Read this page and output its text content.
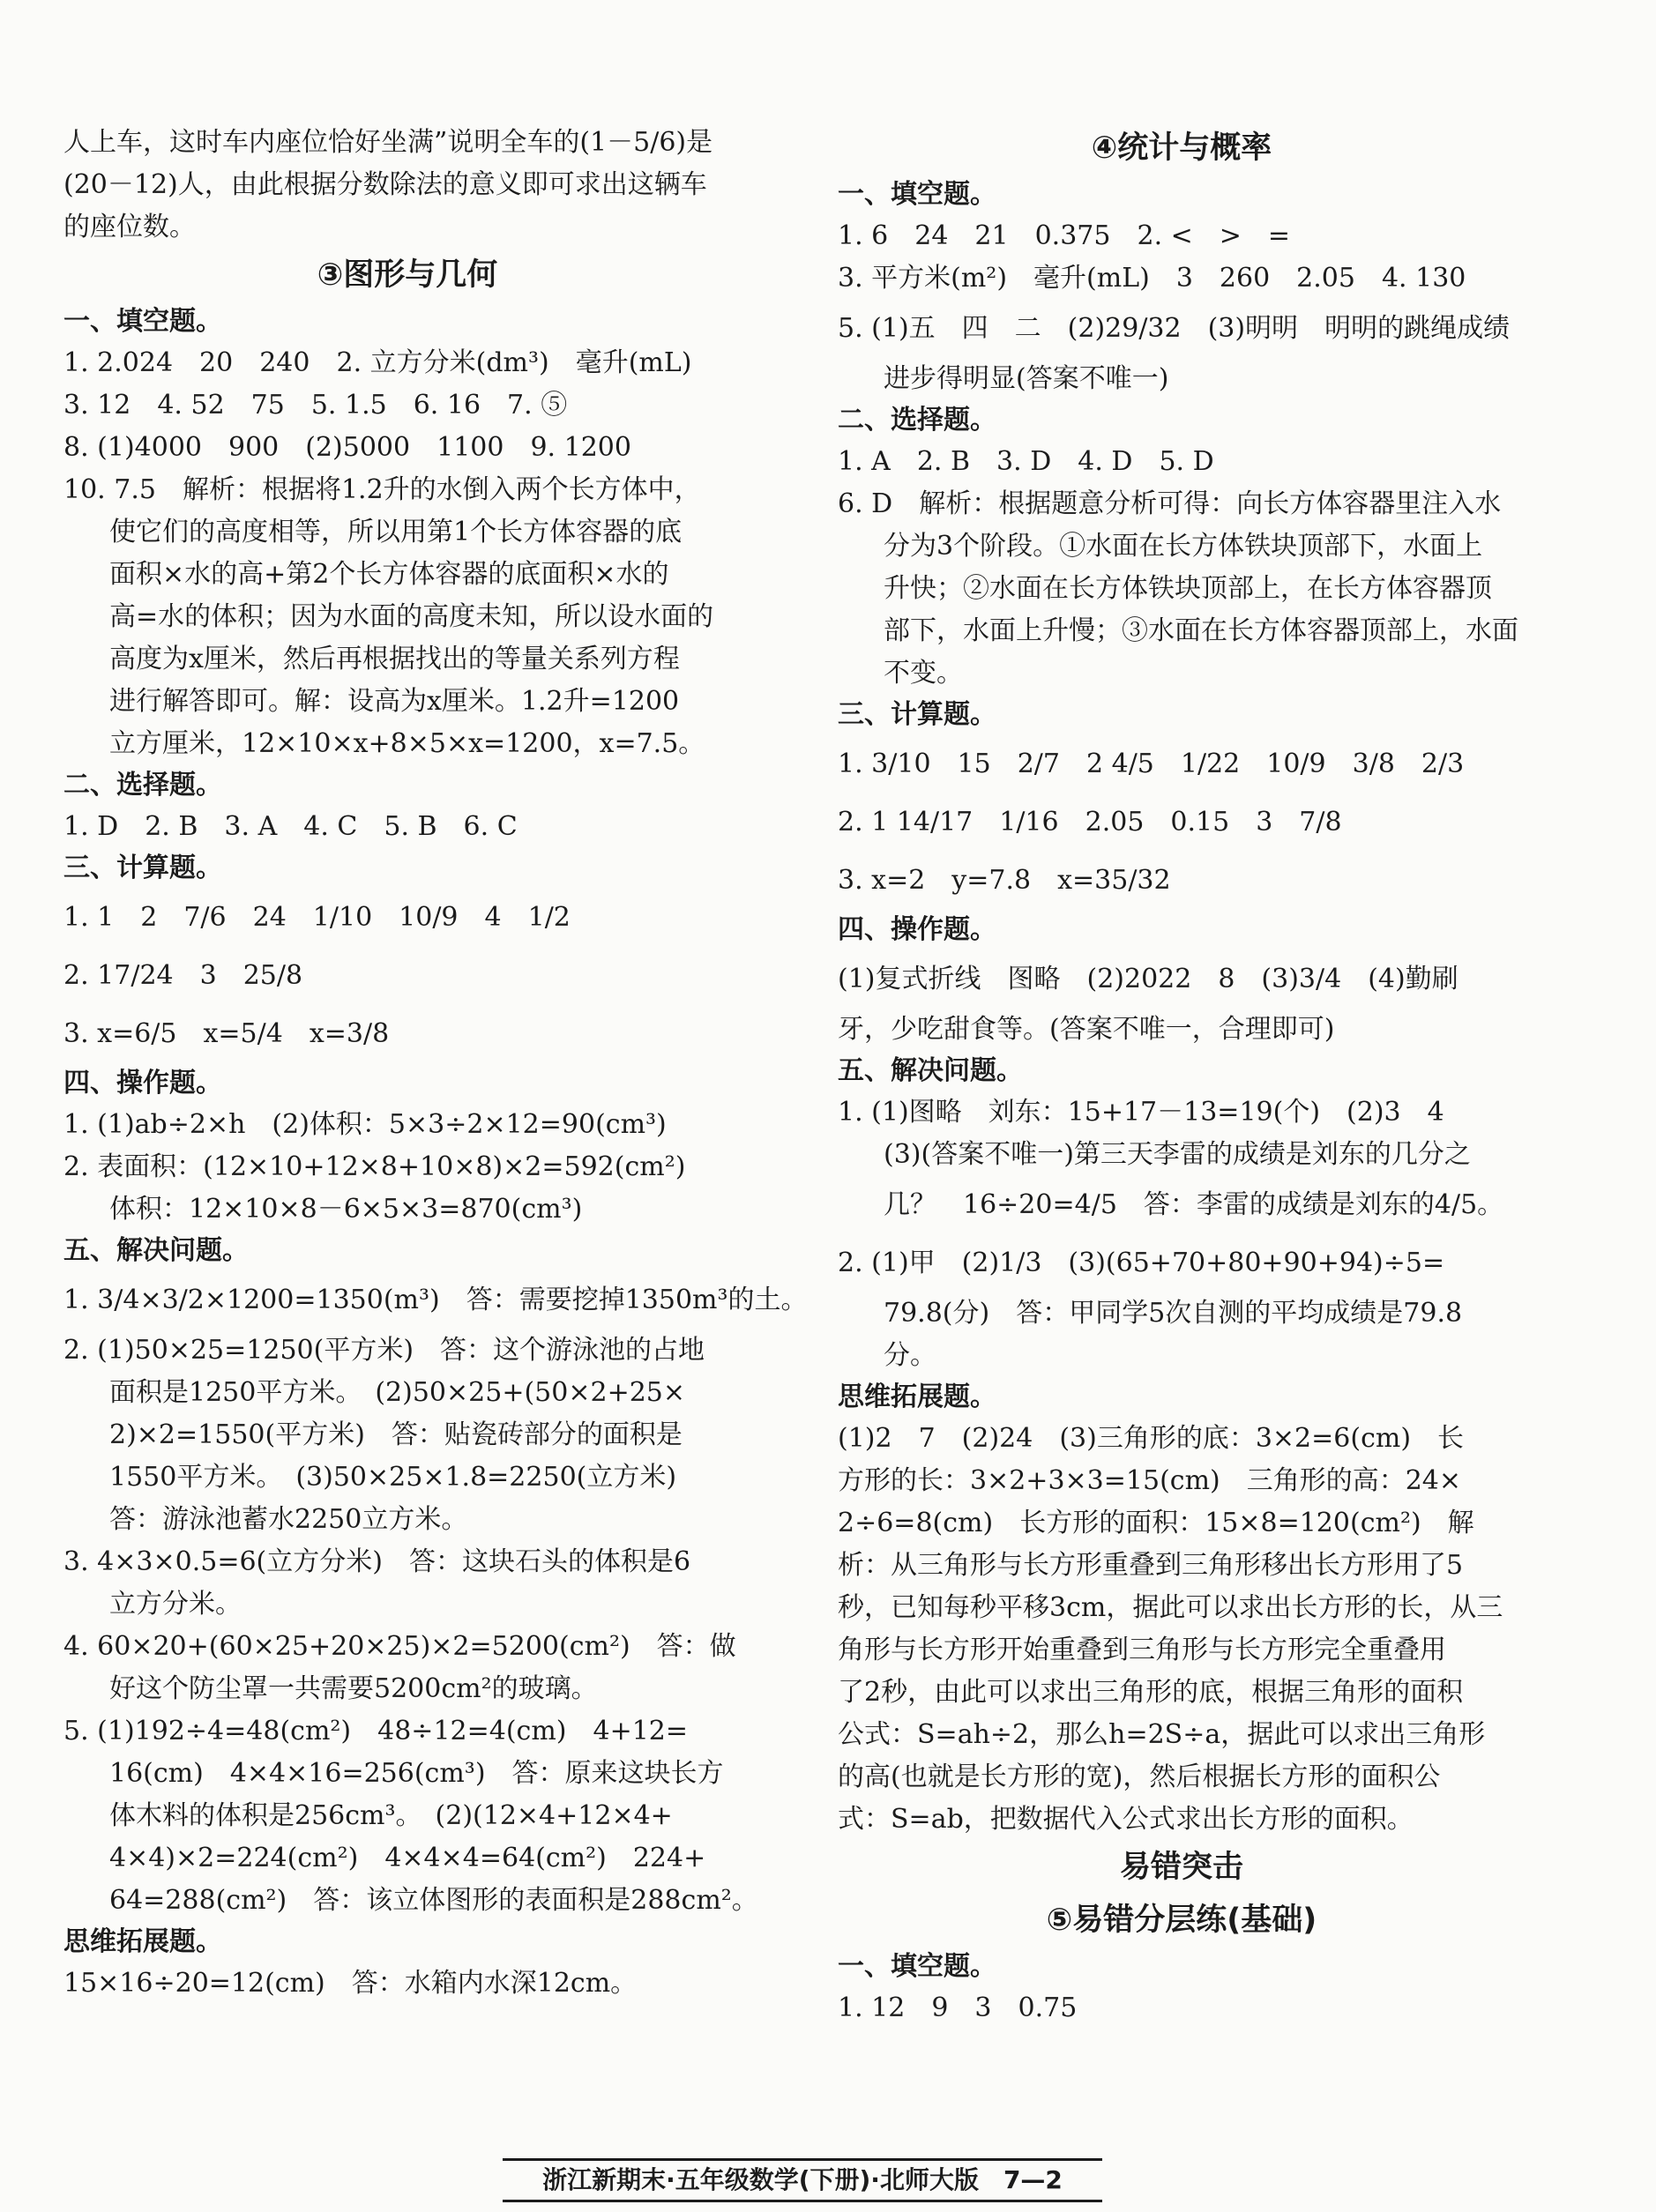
人上车，这时车内座位恰好坐满”说明全车的(1－5/6)是
(20－12)人，由此根据分数除法的意义即可求出这辆车
的座位数。
③图形与几何
一、填空题。
1. 2.024　20　240　2. 立方分米(dm³)　毫升(mL)
3. 12　4. 52　75　5. 1.5　6. 16　7. ⑤
8. (1)4000　900　(2)5000　1100　9. 1200
10. 7.5　解析：根据将1.2升的水倒入两个长方体中，
使它们的高度相等，所以用第1个长方体容器的底
面积×水的高+第2个长方体容器的底面积×水的
高=水的体积；因为水面的高度未知，所以设水面的
高度为x厘米，然后再根据找出的等量关系列方程
进行解答即可。解：设高为x厘米。1.2升=1200
立方厘米，12×10×x+8×5×x=1200，x=7.5。
二、选择题。
1. D　2. B　3. A　4. C　5. B　6. C
三、计算题。
1. 1　2　7/6　24　1/10　10/9　4　1/2
2. 17/24　3　25/8
3. x=6/5　x=5/4　x=3/8
四、操作题。
1. (1)ab÷2×h　(2)体积：5×3÷2×12=90(cm³)
2. 表面积：(12×10+12×8+10×8)×2=592(cm²)
体积：12×10×8－6×5×3=870(cm³)
五、解决问题。
1. 3/4×3/2×1200=1350(m³)　答：需要挖掉1350m³的土。
2. (1)50×25=1250(平方米)　答：这个游泳池的占地
面积是1250平方米。　(2)50×25+(50×2+25×
2)×2=1550(平方米)　答：贴瓷砖部分的面积是
1550平方米。　(3)50×25×1.8=2250(立方米)
答：游泳池蓄水2250立方米。
3. 4×3×0.5=6(立方分米)　答：这块石头的体积是6
立方分米。
4. 60×20+(60×25+20×25)×2=5200(cm²)　答：做
好这个防尘罩一共需要5200cm²的玻璃。
5. (1)192÷4=48(cm²)　48÷12=4(cm)　4+12=
16(cm)　4×4×16=256(cm³)　答：原来这块长方
体木料的体积是256cm³。　(2)(12×4+12×4+
4×4)×2=224(cm²)　4×4×4=64(cm²)　224+
64=288(cm²)　答：该立体图形的表面积是288cm²。
思维拓展题。
15×16÷20=12(cm)　答：水箱内水深12cm。
④统计与概率
一、填空题。
1. 6　24　21　0.375　2. <　>　=
3. 平方米(m²)　毫升(mL)　3　260　2.05　4. 130
5. (1)五　四　二　(2)29/32　(3)明明　明明的跳绳成绩
进步得明显(答案不唯一)
二、选择题。
1. A　2. B　3. D　4. D　5. D
6. D　解析：根据题意分析可得：向长方体容器里注入水
分为3个阶段。①水面在长方体铁块顶部下，水面上
升快；②水面在长方体铁块顶部上，在长方体容器顶
部下，水面上升慢；③水面在长方体容器顶部上，水面
不变。
三、计算题。
1. 3/10　15　2/7　2 4/5　1/22　10/9　3/8　2/3
2. 1 14/17　1/16　2.05　0.15　3　7/8
3. x=2　y=7.8　x=35/32
四、操作题。
(1)复式折线　图略　(2)2022　8　(3)3/4　(4)勤刷
牙，少吃甜食等。(答案不唯一，合理即可)
五、解决问题。
1. (1)图略　刘东：15+17－13=19(个)　(2)3　4
(3)(答案不唯一)第三天李雷的成绩是刘东的几分之
几？　16÷20=4/5　答：李雷的成绩是刘东的4/5。
2. (1)甲　(2)1/3　(3)(65+70+80+90+94)÷5=
79.8(分)　答：甲同学5次自测的平均成绩是79.8
分。
思维拓展题。
(1)2　7　(2)24　(3)三角形的底：3×2=6(cm)　长
方形的长：3×2+3×3=15(cm)　三角形的高：24×
2÷6=8(cm)　长方形的面积：15×8=120(cm²)　解
析：从三角形与长方形重叠到三角形移出长方形用了5
秒，已知每秒平移3cm，据此可以求出长方形的长，从三
角形与长方形开始重叠到三角形与长方形完全重叠用
了2秒，由此可以求出三角形的底，根据三角形的面积
公式：S=ah÷2，那么h=2S÷a，据此可以求出三角形
的高(也就是长方形的宽)，然后根据长方形的面积公
式：S=ab，把数据代入公式求出长方形的面积。
易错突击
⑤易错分层练(基础)
一、填空题。
1. 12　9　3　0.75
浙江新期末·五年级数学(下册)·北师大版　7—2
